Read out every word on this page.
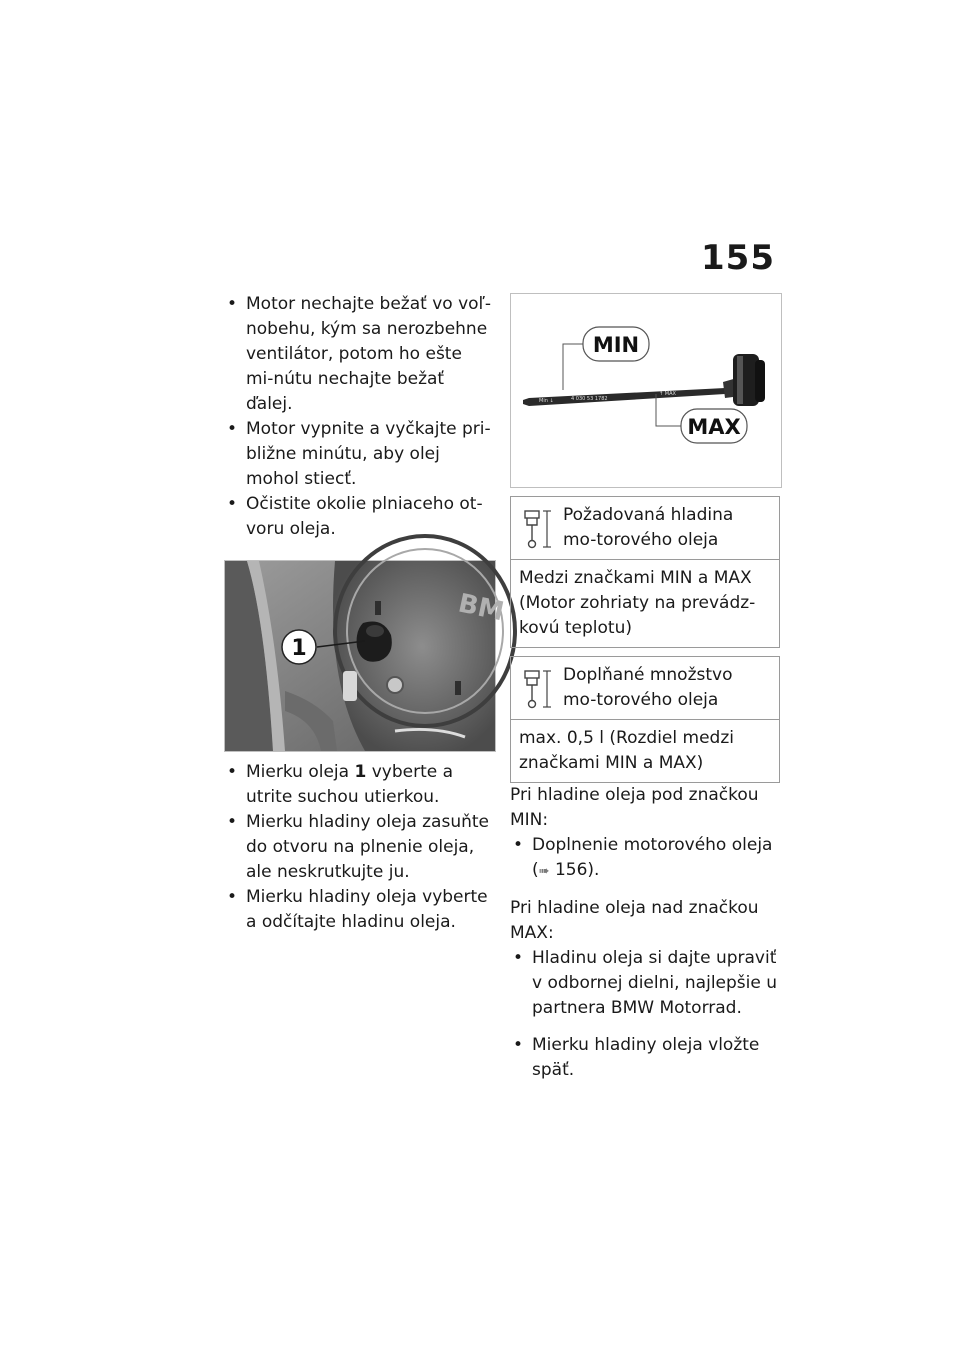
155

• Motor nechajte bežať vo voľ-nobehu, kým sa nerozbehne ventilátor, potom ho ešte mi-nútu nechajte bežať ďalej.

• Motor vypnite a vyčkajte pri-bližne minútu, aby olej mohol stiecť.

• Očistite okolie plniaceho ot-voru oleja.

BM
1

• Mierku oleja 1 vyberte a utrite suchou utierkou.

• Mierku hladiny oleja zasuňte do otvoru na plnenie oleja, ale neskrutkujte ju.

• Mierku hladiny oleja vyberte a odčítajte hladinu oleja.

Min ↓	4 030 53 1782
↑ MAX
MIN
MAX
Požadovaná hladina mo-torového oleja
Medzi značkami MIN a MAX (Motor zohriaty na prevádz-kovú teplotu)
Doplňané množstvo mo-torového oleja
max. 0,5 l (Rozdiel medzi značkami MIN a MAX)

Pri hladine oleja pod značkou MIN:

• Doplnenie motorového oleja
(➠ 156).

Pri hladine oleja nad značkou MAX:

• Hladinu oleja si dajte upraviť v odbornej dielni, najlepšie u partnera BMW Motorrad.

• Mierku hladiny oleja vložte späť.
